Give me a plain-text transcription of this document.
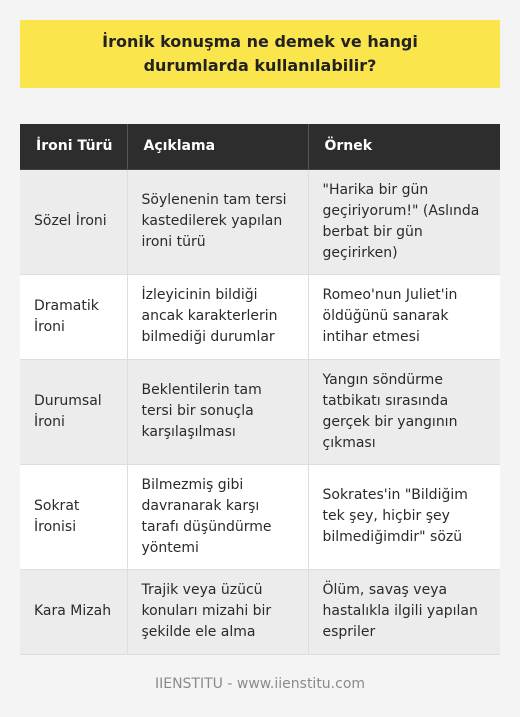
İronik konuşma ne demek ve hangi durumlarda kullanılabilir?
İroni Türü	Açıklama	Örnek
Sözel İroni	Söylenenin tam tersi kastedilerek yapılan ironi türü	"Harika bir gün geçiriyorum!" (Aslında berbat bir gün geçirirken)
Dramatik İroni	İzleyicinin bildiği ancak karakterlerin bilmediği durumlar	Romeo'nun Juliet'in öldüğünü sanarak intihar etmesi
Durumsal İroni	Beklentilerin tam tersi bir sonuçla karşılaşılması	Yangın söndürme tatbikatı sırasında gerçek bir yangının çıkması
Sokrat İronisi	Bilmezmiş gibi davranarak karşı tarafı düşündürme yöntemi	Sokrates'in "Bildiğim tek şey, hiçbir şey bilmediğimdir" sözü
Kara Mizah	Trajik veya üzücü konuları mizahi bir şekilde ele alma	Ölüm, savaş veya hastalıkla ilgili yapılan espriler
IIENSTITU - www.iienstitu.com
